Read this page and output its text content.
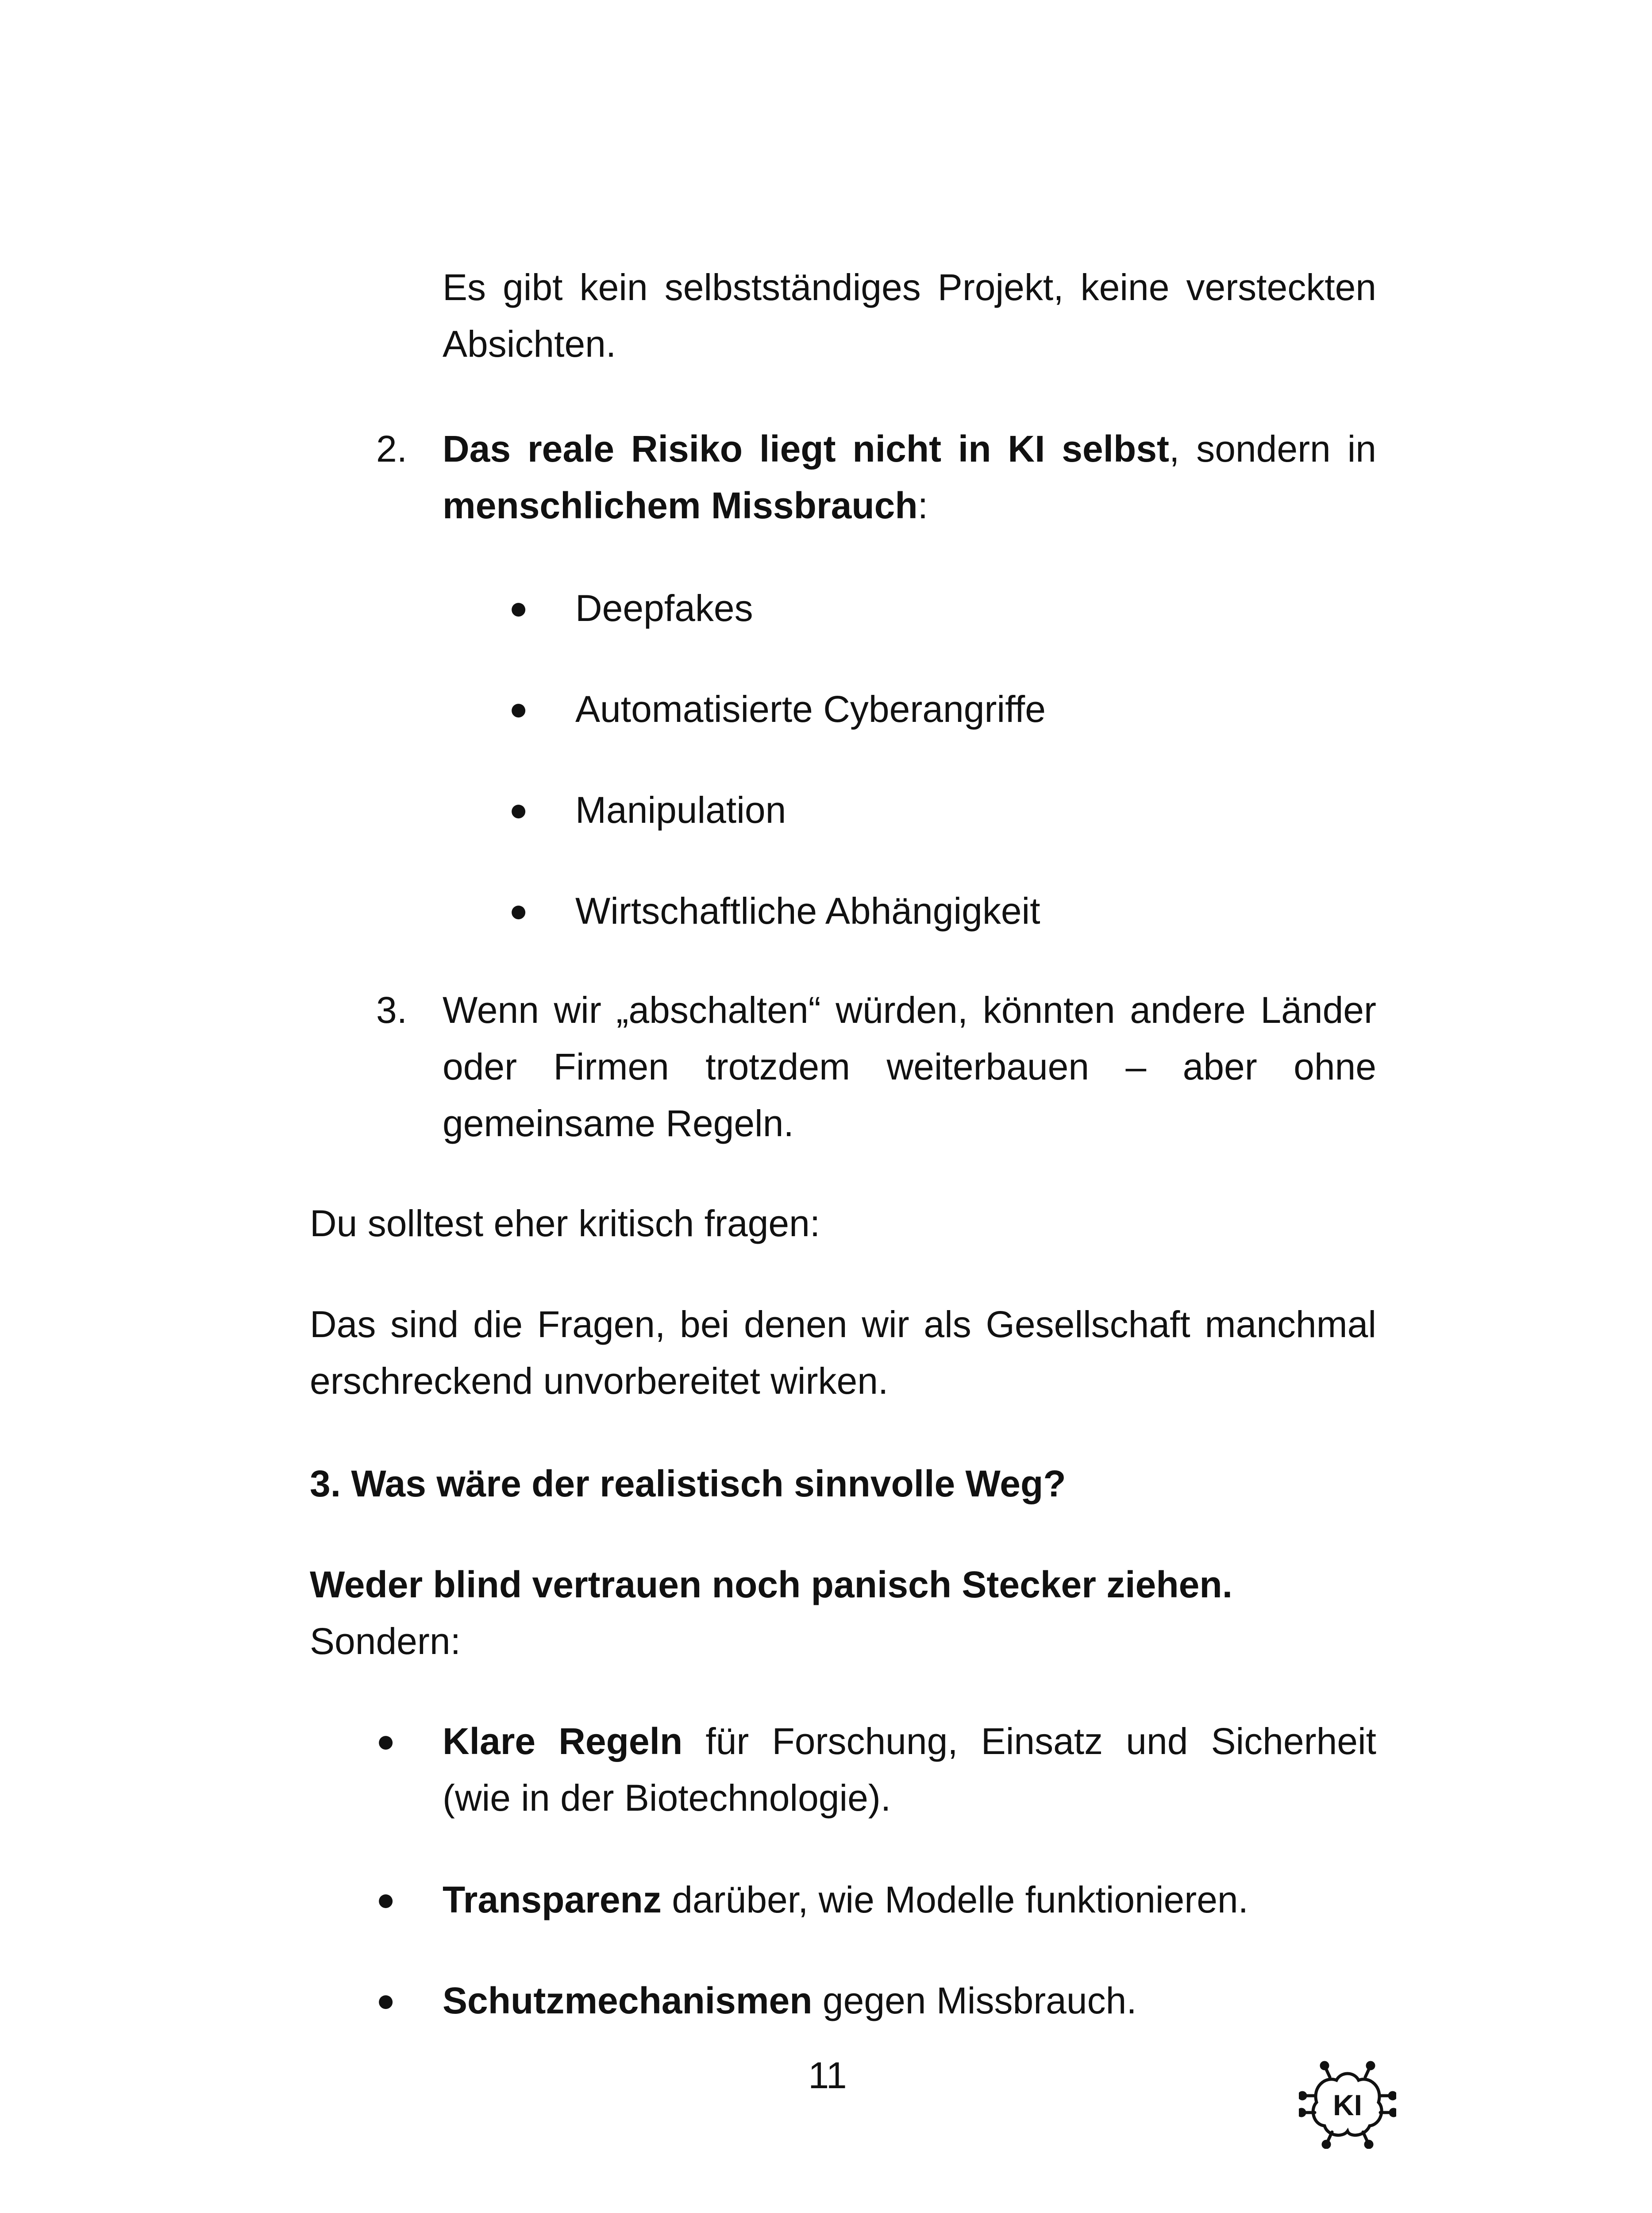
Es gibt kein selbstständiges Projekt, keine versteckten Absichten.

2. Das reale Risiko liegt nicht in KI selbst, sondern in menschlichem Missbrauch:

● Deepfakes
● Automatisierte Cyberangriffe
● Manipulation
● Wirtschaftliche Abhängigkeit
3. Wenn wir „abschalten“ würden, könnten andere Länder oder Firmen trotzdem weiterbauen – aber ohne gemeinsame Regeln.

Du solltest eher kritisch fragen:

Das sind die Fragen, bei denen wir als Gesellschaft manchmal erschreckend unvorbereitet wirken.

3. Was wäre der realistisch sinnvolle Weg?

Weder blind vertrauen noch panisch Stecker ziehen.

Sondern:

● Klare Regeln für Forschung, Einsatz und Sicherheit (wie in der Biotechnologie).

● Transparenz darüber, wie Modelle funktionieren.

● Schutzmechanismen gegen Missbrauch.

11
KI
